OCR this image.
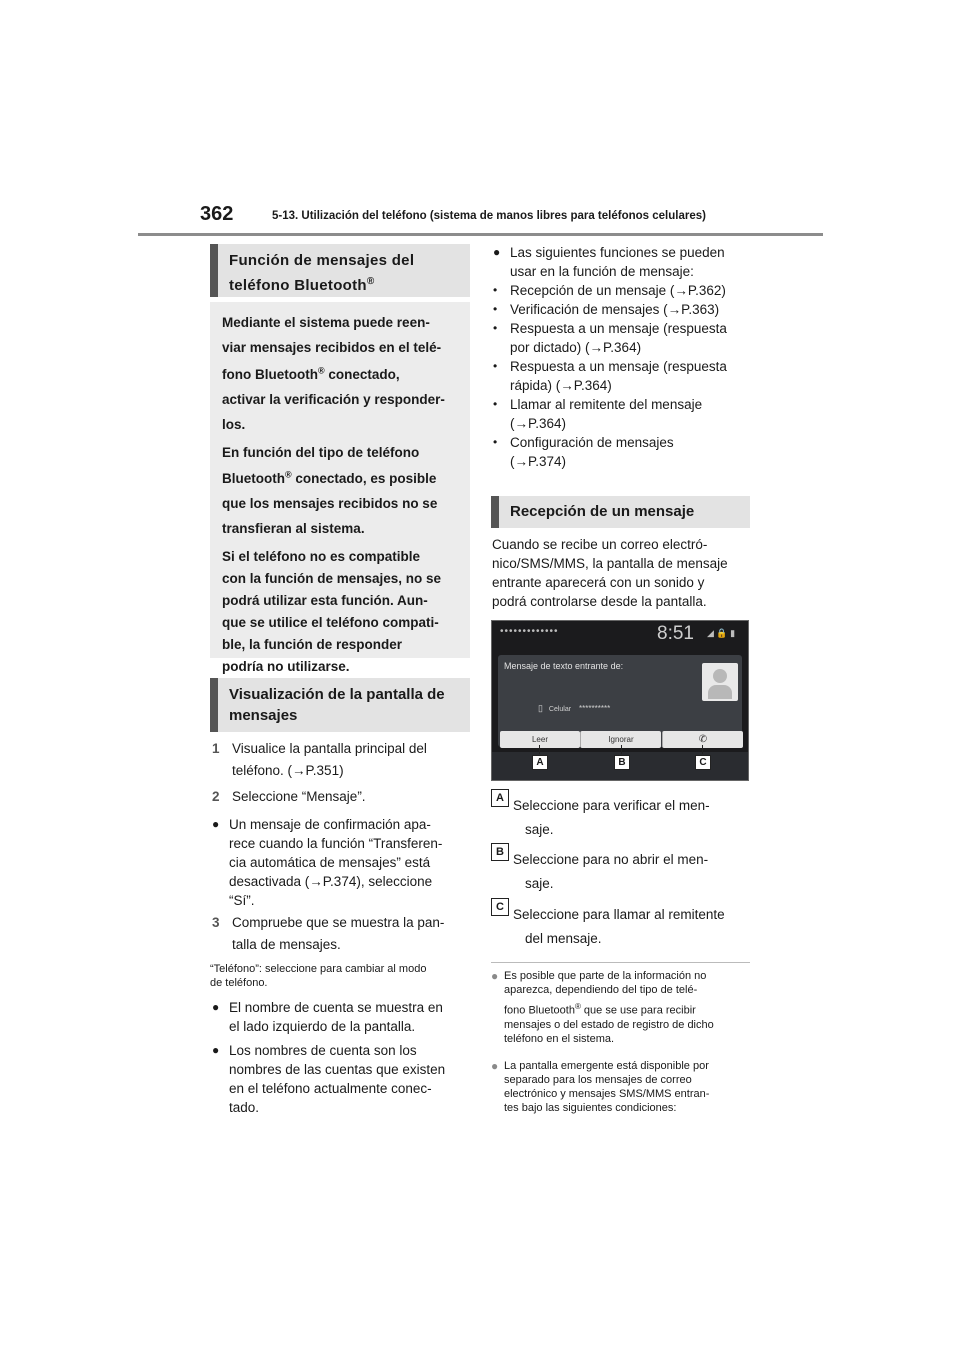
362	5-13. Utilización del teléfono (sistema de manos libres para teléfonos celulares)
Función de mensajes del
teléfono Bluetooth®

Mediante el sistema puede reen-

viar mensajes recibidos en el telé-

fono Bluetooth® conectado,

activar la verificación y responder-

los.

En función del tipo de teléfono

Bluetooth® conectado, es posible

que los mensajes recibidos no se

transfieran al sistema.

Si el teléfono no es compatible

con la función de mensajes, no se

podrá utilizar esta función. Aun-

que se utilice el teléfono compati-

ble, la función de responder

podría no utilizarse.

Visualización de la pantalla de
mensajes
1 Visualice la pantalla principal del
teléfono. (→P.351)
2 Seleccione “Mensaje”.
● Un mensaje de confirmación apa-
rece cuando la función “Transferen-
cia automática de mensajes” está
desactivada (→P.374), seleccione
“Sí”.
3 Compruebe que se muestra la pan-
talla de mensajes.
“Teléfono”: seleccione para cambiar al modo
de teléfono.
● El nombre de cuenta se muestra en
el lado izquierdo de la pantalla.
● Los nombres de cuenta son los
nombres de las cuentas que existen
en el teléfono actualmente conec-
tado.
● Las siguientes funciones se pueden
usar en la función de mensaje:
• Recepción de un mensaje (→P.362)
• Verificación de mensajes (→P.363)
• Respuesta a un mensaje (respuesta
por dictado) (→P.364)
• Respuesta a un mensaje (respuesta
rápida) (→P.364)
• Llamar al remitente del mensaje
(→P.364)
• Configuración de mensajes
(→P.374)
Recepción de un mensaje
Cuando se recibe un correo electró-
nico/SMS/MMS, la pantalla de mensaje
entrante aparecerá con un sonido y
podrá controlarse desde la pantalla.
•••••••••••••	8:51 ◢ 🔒 ▮
Mensaje de texto entrante de:
▯ Celular **********
Leer	Ignorar	✆
A	B	C
A Seleccione para verificar el men-
saje.
B Seleccione para no abrir el men-
saje.
C Seleccione para llamar al remitente
del mensaje.
● Es posible que parte de la información no
aparezca, dependiendo del tipo de telé-
fono Bluetooth® que se use para recibir
mensajes o del estado de registro de dicho
teléfono en el sistema.
● La pantalla emergente está disponible por
separado para los mensajes de correo
electrónico y mensajes SMS/MMS entran-
tes bajo las siguientes condiciones:
